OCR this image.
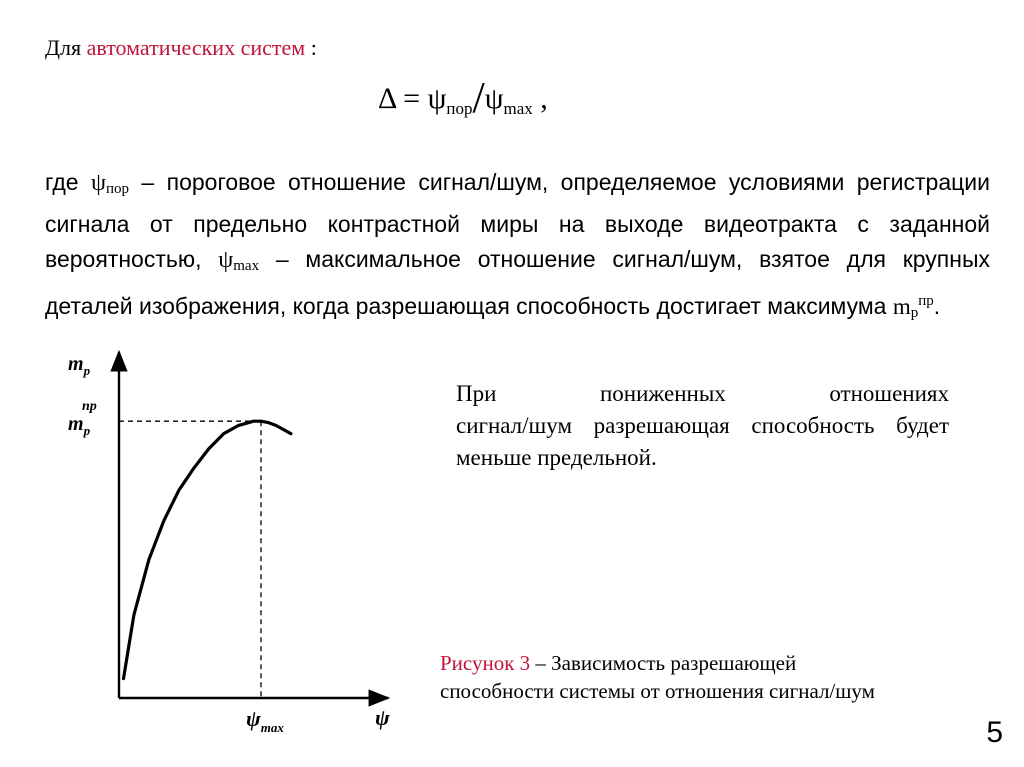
Для автоматических систем :
$\Delta = \psi_{пор}/\psi_{max}$ ,
где $\psi_{пор}$ – пороговое отношение сигнал/шум, определяемое условиями регистрации сигнала от предельно контрастной миры на выходе видеотракта с заданной вероятностью, $\psi_{max}$ – максимальное отношение сигнал/шум, взятое для крупных деталей изображения, когда разрешающая способность достигает максимума $m_p^{пр}$.
$m_p$
пр
$m_p$
$\psi_{max}$	ψ
При пониженных отношениях
сигнал/шум разрешающая способность будет меньше предельной.
Рисунок 3 – Зависимость разрешающей
способности системы от отношения сигнал/шум
5
